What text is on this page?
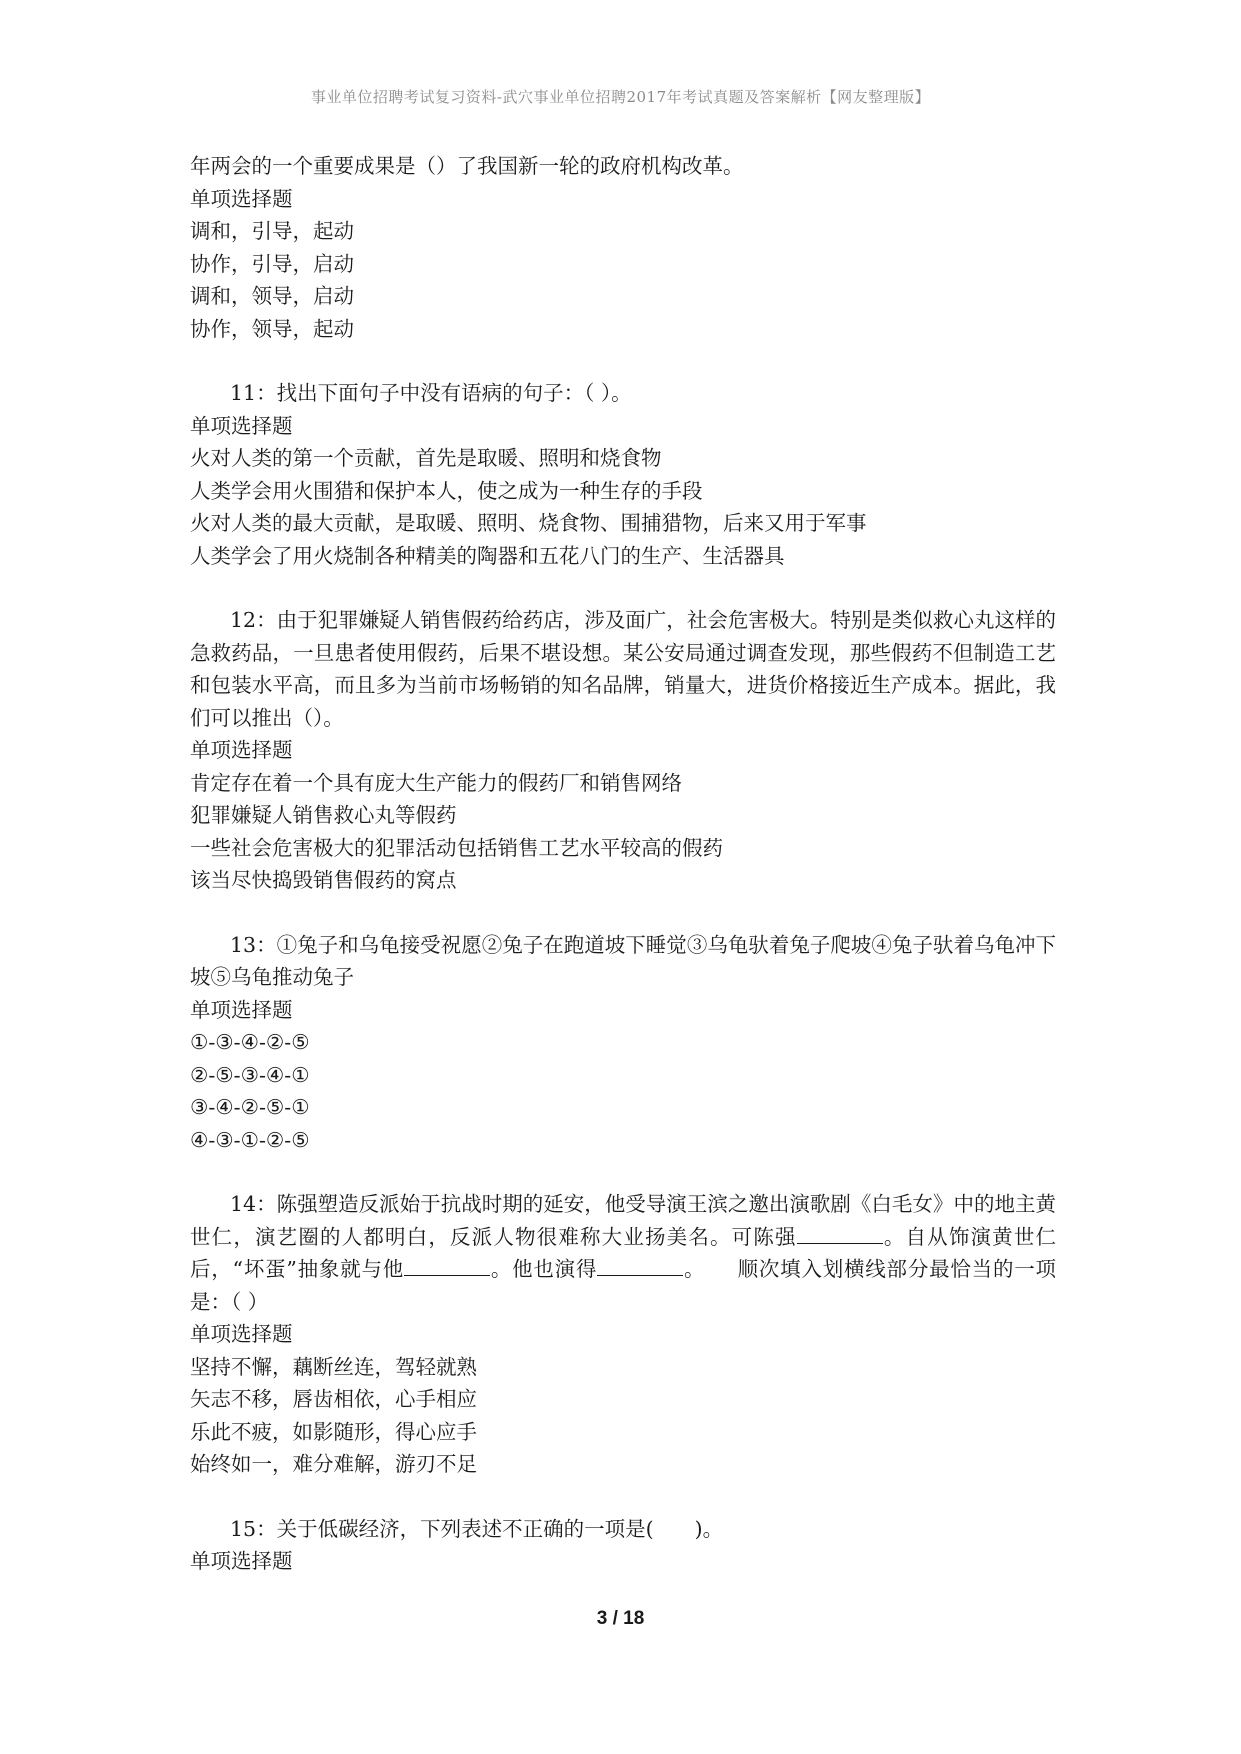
事业单位招聘考试复习资料-武穴事业单位招聘2017年考试真题及答案解析【网友整理版】
年两会的一个重要成果是（）了我国新一轮的政府机构改革。
单项选择题
调和，引导，起动
协作，引导，启动
调和，领导，启动
协作，领导，起动
11：找出下面句子中没有语病的句子：（ ）。
单项选择题
火对人类的第一个贡献，首先是取暖、照明和烧食物
人类学会用火围猎和保护本人，使之成为一种生存的手段
火对人类的最大贡献，是取暖、照明、烧食物、围捕猎物，后来又用于军事
人类学会了用火烧制各种精美的陶器和五花八门的生产、生活器具
12：由于犯罪嫌疑人销售假药给药店，涉及面广，社会危害极大。特别是类似救心丸这样的急救药品，一旦患者使用假药，后果不堪设想。某公安局通过调查发现，那些假药不但制造工艺和包装水平高，而且多为当前市场畅销的知名品牌，销量大，进货价格接近生产成本。据此，我们可以推出（）。
单项选择题
肯定存在着一个具有庞大生产能力的假药厂和销售网络
犯罪嫌疑人销售救心丸等假药
一些社会危害极大的犯罪活动包括销售工艺水平较高的假药
该当尽快捣毁销售假药的窝点
13：①兔子和乌龟接受祝愿②兔子在跑道坡下睡觉③乌龟驮着兔子爬坡④兔子驮着乌龟冲下坡⑤乌龟推动兔子
单项选择题
①-③-④-②-⑤
②-⑤-③-④-①
③-④-②-⑤-①
④-③-①-②-⑤
14：陈强塑造反派始于抗战时期的延安，他受导演王滨之邀出演歌剧《白毛女》中的地主黄世仁，演艺圈的人都明白，反派人物很难称大业扬美名。可陈强	。自从饰演黄世仁后，“坏蛋”抽象就与他	。他也演得	。　　顺次填入划横线部分最恰当的一项是：（ ）
单项选择题
坚持不懈，藕断丝连，驾轻就熟
矢志不移，唇齿相依，心手相应
乐此不疲，如影随形，得心应手
始终如一，难分难解，游刃不足
15：关于低碳经济，下列表述不正确的一项是(　　)。
单项选择题
3 / 18
